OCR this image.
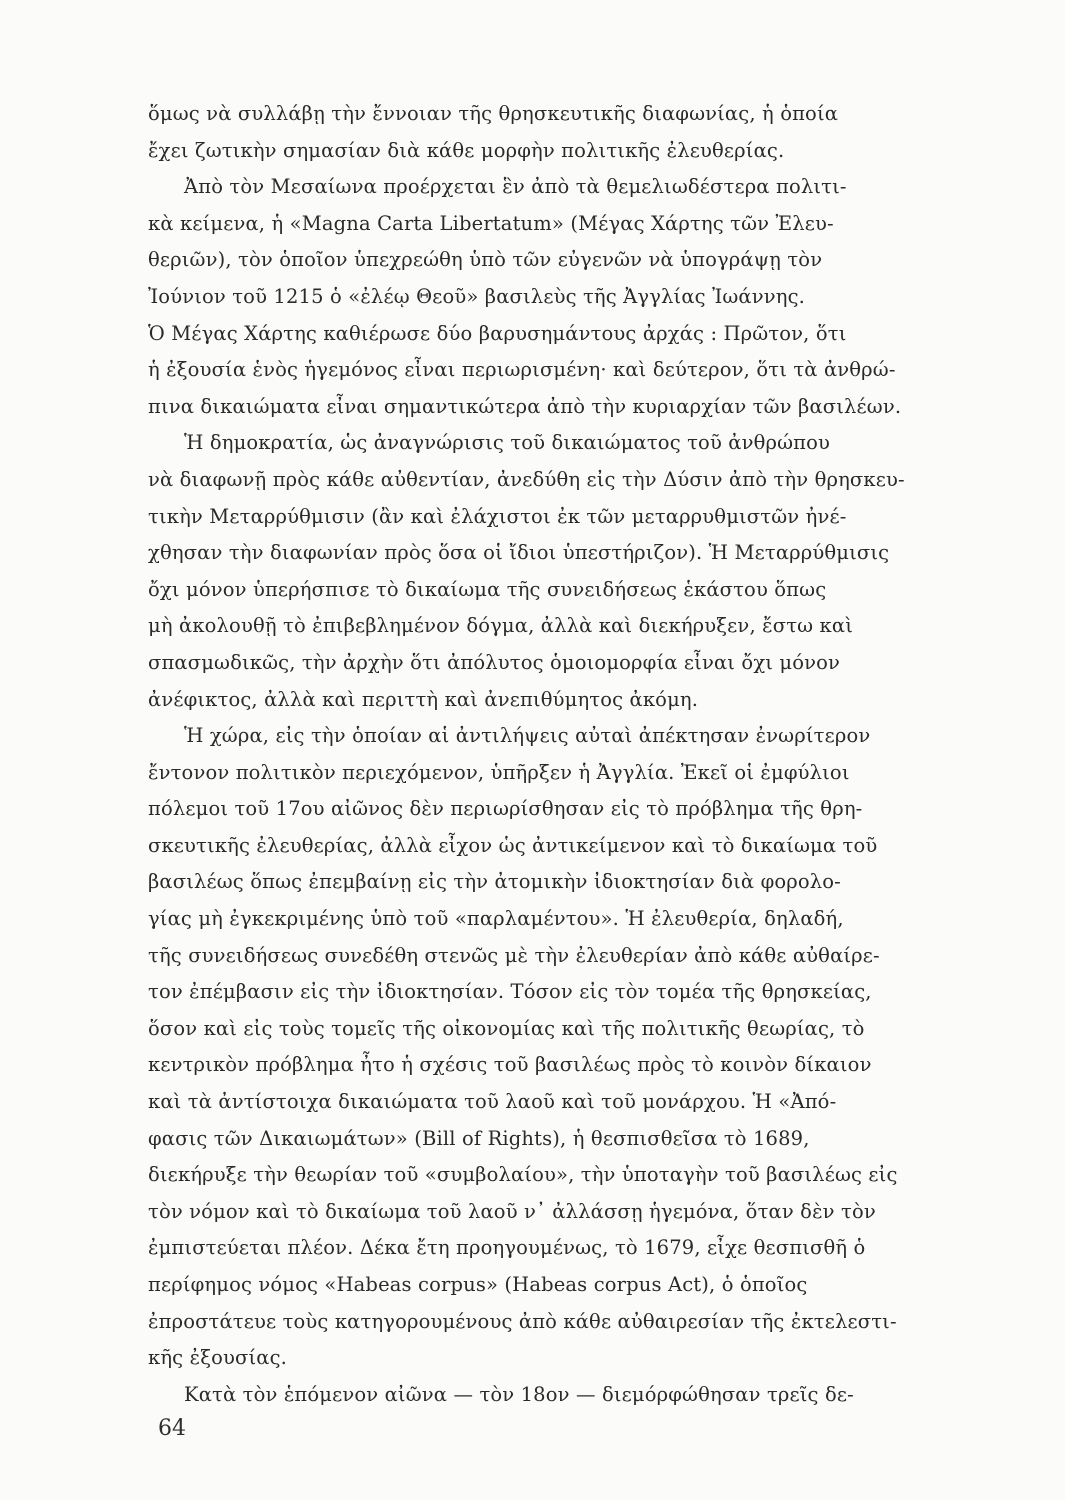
ὅμως νὰ συλλάβῃ τὴν ἔννοιαν τῆς θρησκευτικῆς διαφωνίας, ἡ ὁποία
ἔχει ζωτικὴν σημασίαν διὰ κάθε μορφὴν πολιτικῆς ἐλευθερίας.
Ἀπὸ τὸν Μεσαίωνα προέρχεται ἓν ἀπὸ τὰ θεμελιωδέστερα πολιτι-
κὰ κείμενα, ἡ «Magna Carta Libertatum» (Μέγας Χάρτης τῶν Ἐλευ-
θεριῶν), τὸν ὁποῖον ὑπεχρεώθη ὑπὸ τῶν εὐγενῶν νὰ ὑπογράψῃ τὸν
Ἰούνιον τοῦ 1215 ὁ «ἐλέῳ Θεοῦ» βασιλεὺς τῆς Ἀγγλίας Ἰωάννης.
Ὁ Μέγας Χάρτης καθιέρωσε δύο βαρυσημάντους ἀρχάς : Πρῶτον, ὅτι
ἡ ἐξουσία ἑνὸς ἡγεμόνος εἶναι περιωρισμένη· καὶ δεύτερον, ὅτι τὰ ἀνθρώ-
πινα δικαιώματα εἶναι σημαντικώτερα ἀπὸ τὴν κυριαρχίαν τῶν βασιλέων.
Ἡ δημοκρατία, ὡς ἀναγνώρισις τοῦ δικαιώματος τοῦ ἀνθρώπου
νὰ διαφωνῇ πρὸς κάθε αὐθεντίαν, ἀνεδύθη εἰς τὴν Δύσιν ἀπὸ τὴν θρησκευ-
τικὴν Μεταρρύθμισιν (ἂν καὶ ἐλάχιστοι ἐκ τῶν μεταρρυθμιστῶν ἠνέ-
χθησαν τὴν διαφωνίαν πρὸς ὅσα οἱ ἴδιοι ὑπεστήριζον). Ἡ Μεταρρύθμισις
ὄχι μόνον ὑπερήσπισε τὸ δικαίωμα τῆς συνειδήσεως ἑκάστου ὅπως
μὴ ἀκολουθῇ τὸ ἐπιβεβλημένον δόγμα, ἀλλὰ καὶ διεκήρυξεν, ἔστω καὶ
σπασμωδικῶς, τὴν ἀρχὴν ὅτι ἀπόλυτος ὁμοιομορφία εἶναι ὄχι μόνον
ἀνέφικτος, ἀλλὰ καὶ περιττὴ καὶ ἀνεπιθύμητος ἀκόμη.
Ἡ χώρα, εἰς τὴν ὁποίαν αἱ ἀντιλήψεις αὐταὶ ἀπέκτησαν ἐνωρίτερον
ἔντονον πολιτικὸν περιεχόμενον, ὑπῆρξεν ἡ Ἀγγλία. Ἐκεῖ οἱ ἐμφύλιοι
πόλεμοι τοῦ 17ου αἰῶνος δὲν περιωρίσθησαν εἰς τὸ πρόβλημα τῆς θρη-
σκευτικῆς ἐλευθερίας, ἀλλὰ εἶχον ὡς ἀντικείμενον καὶ τὸ δικαίωμα τοῦ
βασιλέως ὅπως ἐπεμβαίνῃ εἰς τὴν ἀτομικὴν ἰδιοκτησίαν διὰ φορολο-
γίας μὴ ἐγκεκριμένης ὑπὸ τοῦ «παρλαμέντου». Ἡ ἐλευθερία, δηλαδή,
τῆς συνειδήσεως συνεδέθη στενῶς μὲ τὴν ἐλευθερίαν ἀπὸ κάθε αὐθαίρε-
τον ἐπέμβασιν εἰς τὴν ἰδιοκτησίαν. Τόσον εἰς τὸν τομέα τῆς θρησκείας,
ὅσον καὶ εἰς τοὺς τομεῖς τῆς οἰκονομίας καὶ τῆς πολιτικῆς θεωρίας, τὸ
κεντρικὸν πρόβλημα ἦτο ἡ σχέσις τοῦ βασιλέως πρὸς τὸ κοινὸν δίκαιον
καὶ τὰ ἀντίστοιχα δικαιώματα τοῦ λαοῦ καὶ τοῦ μονάρχου. Ἡ «Ἀπό-
φασις τῶν Δικαιωμάτων» (Bill of Rights), ἡ θεσπισθεῖσα τὸ 1689,
διεκήρυξε τὴν θεωρίαν τοῦ «συμβολαίου», τὴν ὑποταγὴν τοῦ βασιλέως εἰς
τὸν νόμον καὶ τὸ δικαίωμα τοῦ λαοῦ ν᾿ ἀλλάσσῃ ἡγεμόνα, ὅταν δὲν τὸν
ἐμπιστεύεται πλέον. Δέκα ἔτη προηγουμένως, τὸ 1679, εἶχε θεσπισθῆ ὁ
περίφημος νόμος «Habeas corpus» (Habeas corpus Act), ὁ ὁποῖος
ἐπροστάτευε τοὺς κατηγορουμένους ἀπὸ κάθε αὐθαιρεσίαν τῆς ἐκτελεστι-
κῆς ἐξουσίας.
Κατὰ τὸν ἑπόμενον αἰῶνα — τὸν 18ον — διεμόρφώθησαν τρεῖς δε-
64
